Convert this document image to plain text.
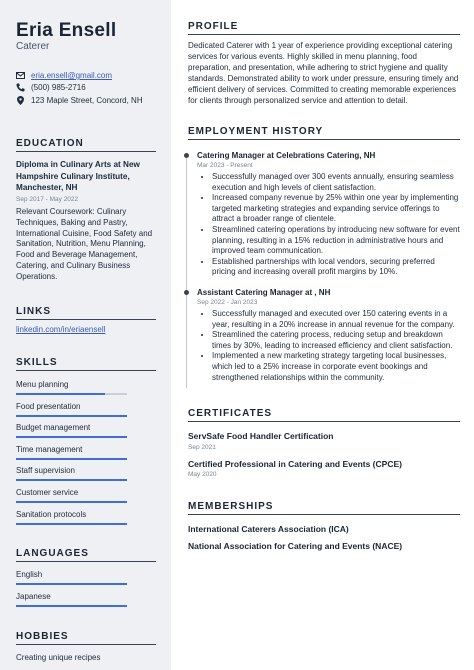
Eria Ensell
Caterer
eria.ensell@gmail.com
(500) 985-2716
123 Maple Street, Concord, NH
EDUCATION
Diploma in Culinary Arts at New Hampshire Culinary Institute, Manchester, NH
Sep 2017 - May 2022
Relevant Coursework: Culinary Techniques, Baking and Pastry, International Cuisine, Food Safety and Sanitation, Nutrition, Menu Planning, Food and Beverage Management, Catering, and Culinary Business Operations.
LINKS
linkedin.com/in/eriaensell
SKILLS
Menu planning
Food presentation
Budget management
Time management
Staff supervision
Customer service
Sanitation protocols
LANGUAGES
English
Japanese
HOBBIES
Creating unique recipes
PROFILE
Dedicated Caterer with 1 year of experience providing exceptional catering services for various events. Highly skilled in menu planning, food preparation, and presentation, while adhering to strict hygiene and quality standards. Demonstrated ability to work under pressure, ensuring timely and efficient delivery of services. Committed to creating memorable experiences for clients through personalized service and attention to detail.
EMPLOYMENT HISTORY
Catering Manager at Celebrations Catering, NH
Mar 2023 - Present
• Successfully managed over 300 events annually, ensuring seamless execution and high levels of client satisfaction.
• Increased company revenue by 25% within one year by implementing targeted marketing strategies and expanding service offerings to attract a broader range of clientele.
• Streamlined catering operations by introducing new software for event planning, resulting in a 15% reduction in administrative hours and improved team communication.
• Established partnerships with local vendors, securing preferred pricing and increasing overall profit margins by 10%.
Assistant Catering Manager at , NH
Sep 2022 - Jan 2023
• Successfully managed and executed over 150 catering events in a year, resulting in a 20% increase in annual revenue for the company.
• Streamlined the catering process, reducing setup and breakdown times by 30%, leading to increased efficiency and client satisfaction.
• Implemented a new marketing strategy targeting local businesses, which led to a 25% increase in corporate event bookings and strengthened relationships within the community.
CERTIFICATES
ServSafe Food Handler Certification
Sep 2021
Certified Professional in Catering and Events (CPCE)
May 2020
MEMBERSHIPS
International Caterers Association (ICA)
National Association for Catering and Events (NACE)
